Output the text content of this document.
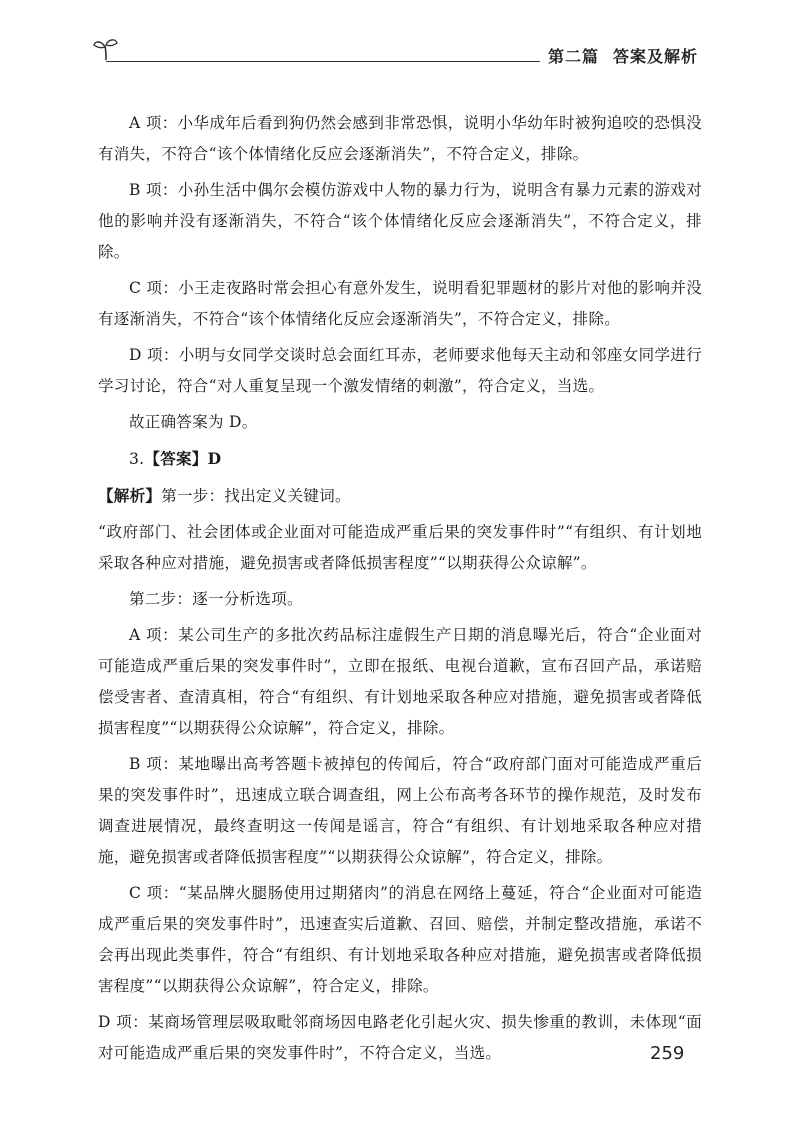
第二篇 答案及解析

A 项：小华成年后看到狗仍然会感到非常恐惧，说明小华幼年时被狗追咬的恐惧没有消失，不符合“该个体情绪化反应会逐渐消失”，不符合定义，排除。

B 项：小孙生活中偶尔会模仿游戏中人物的暴力行为，说明含有暴力元素的游戏对他的影响并没有逐渐消失，不符合“该个体情绪化反应会逐渐消失”，不符合定义，排除。

C 项：小王走夜路时常会担心有意外发生，说明看犯罪题材的影片对他的影响并没有逐渐消失，不符合“该个体情绪化反应会逐渐消失”，不符合定义，排除。

D 项：小明与女同学交谈时总会面红耳赤，老师要求他每天主动和邻座女同学进行学习讨论，符合“对人重复呈现一个激发情绪的刺激”，符合定义，当选。

故正确答案为 D。

3.【答案】D

【解析】第一步：找出定义关键词。

“政府部门、社会团体或企业面对可能造成严重后果的突发事件时”“有组织、有计划地采取各种应对措施，避免损害或者降低损害程度”“以期获得公众谅解”。

第二步：逐一分析选项。

A 项：某公司生产的多批次药品标注虚假生产日期的消息曝光后，符合“企业面对可能造成严重后果的突发事件时”，立即在报纸、电视台道歉，宣布召回产品，承诺赔偿受害者、查清真相，符合“有组织、有计划地采取各种应对措施，避免损害或者降低损害程度”“以期获得公众谅解”，符合定义，排除。

B 项：某地曝出高考答题卡被掉包的传闻后，符合“政府部门面对可能造成严重后果的突发事件时”，迅速成立联合调查组，网上公布高考各环节的操作规范，及时发布调查进展情况，最终查明这一传闻是谣言，符合“有组织、有计划地采取各种应对措施，避免损害或者降低损害程度”“以期获得公众谅解”，符合定义，排除。

C 项：“某品牌火腿肠使用过期猪肉”的消息在网络上蔓延，符合“企业面对可能造成严重后果的突发事件时”，迅速查实后道歉、召回、赔偿，并制定整改措施，承诺不会再出现此类事件，符合“有组织、有计划地采取各种应对措施，避免损害或者降低损害程度”“以期获得公众谅解”，符合定义，排除。

D 项：某商场管理层吸取毗邻商场因电路老化引起火灾、损失惨重的教训，未体现“面对可能造成严重后果的突发事件时”，不符合定义，当选。	259
